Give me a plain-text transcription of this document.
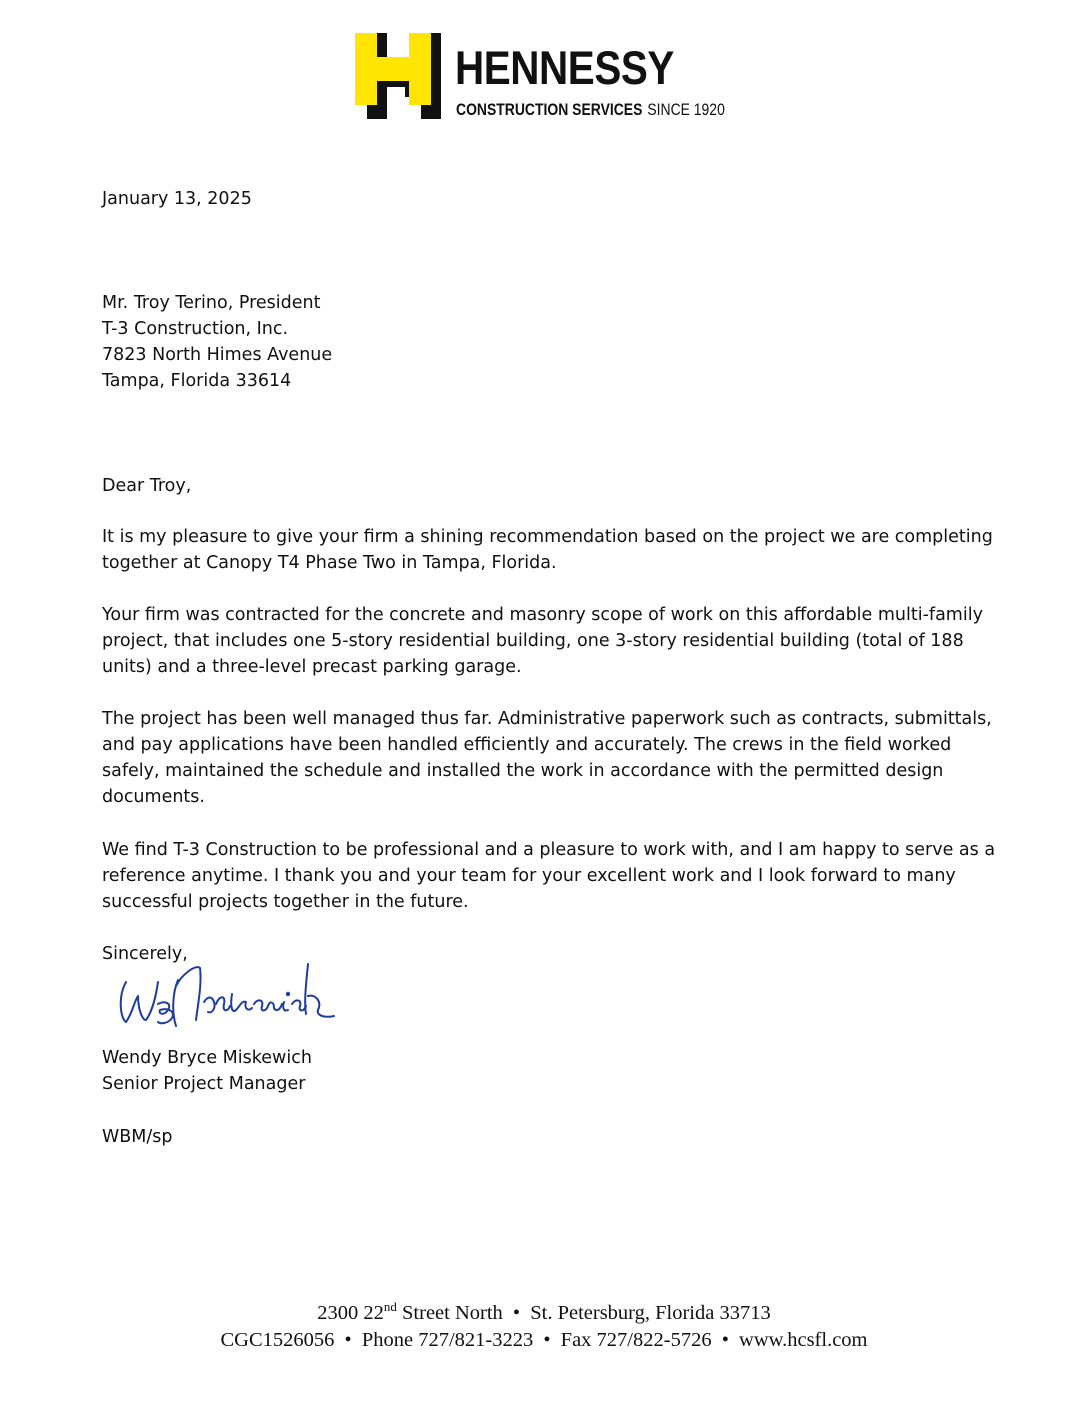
HENNESSY
CONSTRUCTION SERVICES SINCE 1920
January 13, 2025
Mr. Troy Terino, President
T-3 Construction, Inc.
7823 North Himes Avenue
Tampa, Florida 33614
Dear Troy,

It is my pleasure to give your firm a shining recommendation based on the project we are completing together at Canopy T4 Phase Two in Tampa, Florida.

Your firm was contracted for the concrete and masonry scope of work on this affordable multi-family project, that includes one 5-story residential building, one 3-story residential building (total of 188 units) and a three-level precast parking garage.

The project has been well managed thus far. Administrative paperwork such as contracts, submittals, and pay applications have been handled efficiently and accurately. The crews in the field worked safely, maintained the schedule and installed the work in accordance with the permitted design documents.

We find T-3 Construction to be professional and a pleasure to work with, and I am happy to serve as a reference anytime. I thank you and your team for your excellent work and I look forward to many successful projects together in the future.

Sincerely,
Wendy Bryce Miskewich
Senior Project Manager
WBM/sp
2300 22nd Street North • St. Petersburg, Florida 33713
CGC1526056 • Phone 727/821-3223 • Fax 727/822-5726 • www.hcsfl.com
